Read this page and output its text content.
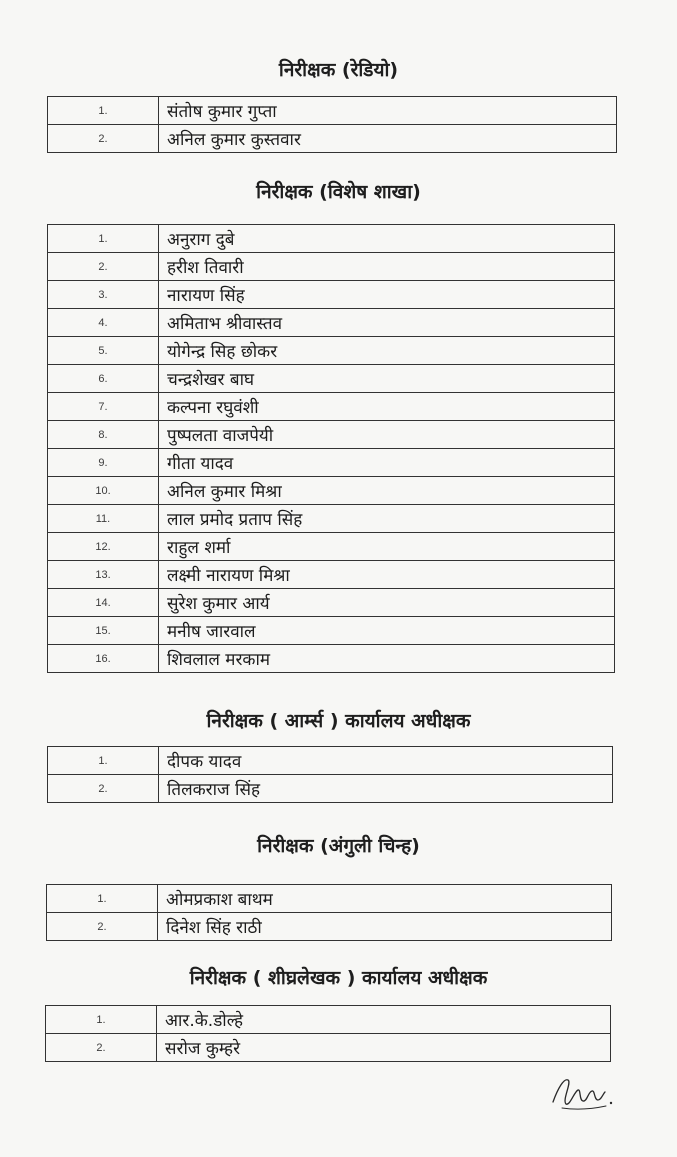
निरीक्षक (रेडियो)
1.	संतोष कुमार गुप्ता
2.	अनिल कुमार कुस्तवार
निरीक्षक (विशेष शाखा)
1.	अनुराग दुबे
2.	हरीश तिवारी
3.	नारायण सिंह
4.	अमिताभ श्रीवास्तव
5.	योगेन्द्र सिह छोकर
6.	चन्द्रशेखर बाघ
7.	कल्पना रघुवंशी
8.	पुष्पलता वाजपेयी
9.	गीता यादव
10.	अनिल कुमार मिश्रा
11.	लाल प्रमोद प्रताप सिंह
12.	राहुल शर्मा
13.	लक्ष्मी नारायण मिश्रा
14.	सुरेश कुमार आर्य
15.	मनीष जारवाल
16.	शिवलाल मरकाम
निरीक्षक ( आर्म्स ) कार्यालय अधीक्षक
1.	दीपक यादव
2.	तिलकराज सिंह
निरीक्षक (अंगुली चिन्ह)
1.	ओमप्रकाश बाथम
2.	दिनेश सिंह राठी
निरीक्षक ( शीघ्रलेखक ) कार्यालय अधीक्षक
1.	आर.के.डोल्हे
2.	सरोज कुम्हरे
